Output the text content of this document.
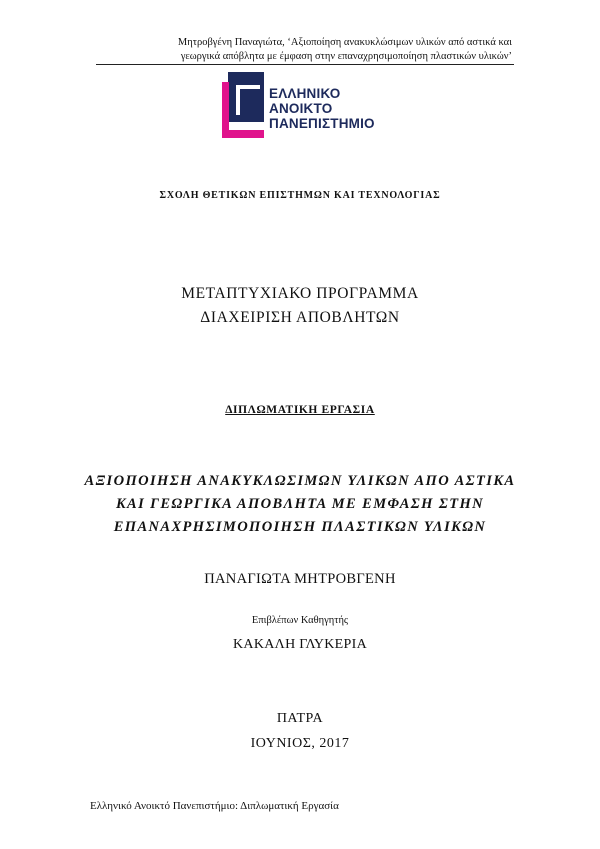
Μητροβγένη Παναγιώτα, ‘Αξιοποίηση ανακυκλώσιμων υλικών από αστικά και
γεωργικά απόβλητα με έμφαση στην επαναχρησιμοποίηση πλαστικών υλικών’
ΕΛΛΗΝΙΚΟ
ΑΝΟΙΚΤΟ
ΠΑΝΕΠΙΣΤΗΜΙΟ
ΣΧΟΛΗ ΘΕΤΙΚΩΝ ΕΠΙΣΤΗΜΩΝ ΚΑΙ ΤΕΧΝΟΛΟΓΙΑΣ
ΜΕΤΑΠΤΥΧΙΑΚΟ ΠΡΟΓΡΑΜΜΑ
ΔΙΑΧΕΙΡΙΣΗ ΑΠΟΒΛΗΤΩΝ
ΔΙΠΛΩΜΑΤΙΚΗ ΕΡΓΑΣΙΑ
ΑΞΙΟΠΟΙΗΣΗ ΑΝΑΚΥΚΛΩΣΙΜΩΝ ΥΛΙΚΩΝ ΑΠΟ ΑΣΤΙΚΑ
ΚΑΙ ΓΕΩΡΓΙΚΑ ΑΠΟΒΛΗΤΑ ΜΕ ΕΜΦΑΣΗ ΣΤΗΝ
ΕΠΑΝΑΧΡΗΣΙΜΟΠΟΙΗΣΗ ΠΛΑΣΤΙΚΩΝ ΥΛΙΚΩΝ
ΠΑΝΑΓΙΩΤΑ ΜΗΤΡΟΒΓΕΝΗ
Επιβλέπων Καθηγητής
ΚΑΚΑΛΗ ΓΛΥΚΕΡΙΑ
ΠΑΤΡΑ
ΙΟΥΝΙΟΣ, 2017
Ελληνικό Ανοικτό Πανεπιστήμιο: Διπλωματική Εργασία
